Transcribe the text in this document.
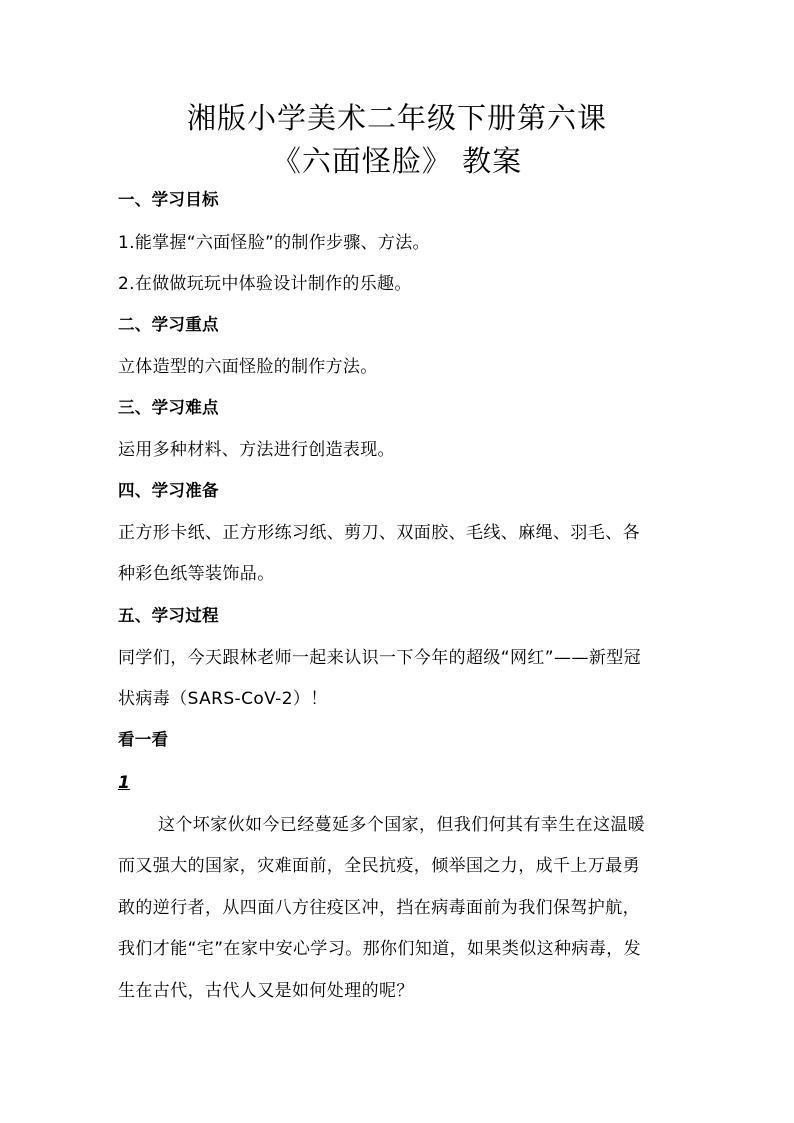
湘版小学美术二年级下册第六课
《六面怪脸》 教案
一、学习目标
1.能掌握“六面怪脸”的制作步骤、方法。
2.在做做玩玩中体验设计制作的乐趣。
二、学习重点
立体造型的六面怪脸的制作方法。
三、学习难点
运用多种材料、方法进行创造表现。
四、学习准备
正方形卡纸、正方形练习纸、剪刀、双面胶、毛线、麻绳、羽毛、各
种彩色纸等装饰品。
五、学习过程
同学们，今天跟林老师一起来认识一下今年的超级“网红”——新型冠
状病毒（SARS-CoV-2）！
看一看
1
这个坏家伙如今已经蔓延多个国家，但我们何其有幸生在这温暖
而又强大的国家，灾难面前，全民抗疫，倾举国之力，成千上万最勇
敢的逆行者，从四面八方往疫区冲，挡在病毒面前为我们保驾护航，
我们才能“宅”在家中安心学习。那你们知道，如果类似这种病毒，发
生在古代，古代人又是如何处理的呢？
